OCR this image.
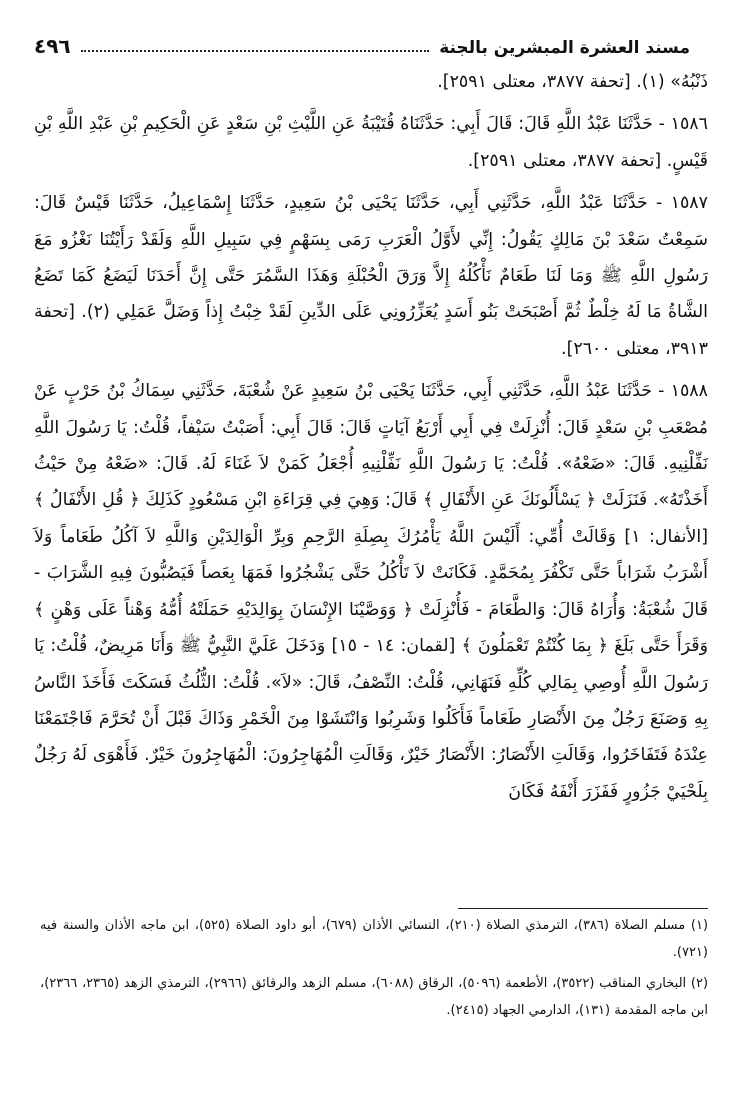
مسند العشرة المبشرين بالجنة
٤٩٦

ذَنْبُهُ» (١). [تحفة ٣٨٧٧، معتلى ٢٥٩١].

١٥٨٦ - حَدَّثَنَا عَبْدُ اللَّهِ قَالَ: قَالَ أَبِي: حَدَّثَنَاهُ قُتَيْبَةُ عَنِ اللَّيْثِ بْنِ سَعْدٍ عَنِ الْحَكِيمِ بْنِ عَبْدِ اللَّهِ بْنِ قَيْسٍ. [تحفة ٣٨٧٧، معتلى ٢٥٩١].

١٥٨٧ - حَدَّثَنَا عَبْدُ اللَّهِ، حَدَّثَنِي أَبِي، حَدَّثَنَا يَحْيَى بْنُ سَعِيدٍ، حَدَّثَنَا إِسْمَاعِيلُ، حَدَّثَنَا قَيْسٌ قَالَ: سَمِعْتُ سَعْدَ بْنَ مَالِكٍ يَقُولُ: إِنِّي لأَوَّلُ الْعَرَبِ رَمَى بِسَهْمٍ فِي سَبِيلِ اللَّهِ وَلَقَدْ رَأَيْتُنَا نَغْزُو مَعَ رَسُولِ اللَّهِ ﷺ وَمَا لَنَا طَعَامٌ نَأْكُلُهُ إِلاَّ وَرَقَ الْحُبْلَةِ وَهَذَا السَّمُرَ حَتَّى إِنَّ أَحَدَنَا لَيَضَعُ كَمَا تَضَعُ الشَّاةُ مَا لَهُ خِلْطٌ ثُمَّ أَصْبَحَتْ بَنُو أَسَدٍ يُعَزِّرُونِي عَلَى الدِّينِ لَقَدْ خِبْتُ إِذاً وَضَلَّ عَمَلِي (٢). [تحفة ٣٩١٣، معتلى ٢٦٠٠].

١٥٨٨ - حَدَّثَنَا عَبْدُ اللَّهِ، حَدَّثَنِي أَبِي، حَدَّثَنَا يَحْيَى بْنُ سَعِيدٍ عَنْ شُعْبَةَ، حَدَّثَنِي سِمَاكُ بْنُ حَرْبٍ عَنْ مُصْعَبِ بْنِ سَعْدٍ قَالَ: أُنْزِلَتْ فِي أَبِي أَرْبَعُ آيَاتٍ قَالَ: قَالَ أَبِي: أَصَبْتُ سَيْفاً، قُلْتُ: يَا رَسُولَ اللَّهِ نَفِّلْنِيهِ. قَالَ: «ضَعْهُ». قُلْتُ: يَا رَسُولَ اللَّهِ نَفِّلْنِيهِ أُجْعَلُ كَمَنْ لاَ غَنَاءَ لَهُ. قَالَ: «ضَعْهُ مِنْ حَيْثُ أَخَذْتَهُ». فَنَزَلَتْ ﴿ يَسْأَلُونَكَ عَنِ الأَنْفَالِ ﴾ قَالَ: وَهِيَ فِي قِرَاءَةِ ابْنِ مَسْعُودٍ كَذَلِكَ ﴿ قُلِ الأَنْفَالُ ﴾ [الأنفال: ١] وَقَالَتْ أُمِّي: أَلَيْسَ اللَّهُ يَأْمُرُكَ بِصِلَةِ الرَّحِمِ وَبِرِّ الْوَالِدَيْنِ وَاللَّهِ لاَ آكُلُ طَعَاماً وَلاَ أَشْرَبُ شَرَاباً حَتَّى تَكْفُرَ بِمُحَمَّدٍ. فَكَانَتْ لاَ تَأْكُلُ حَتَّى يَشْجُرُوا فَمَهَا بِعَصاً فَيَصُبُّونَ فِيهِ الشَّرَابَ - قَالَ شُعْبَةُ: وَأُرَاهُ قَالَ: وَالطَّعَامَ - فَأُنْزِلَتْ ﴿ وَوَصَّيْنَا الإِنْسَانَ بِوَالِدَيْهِ حَمَلَتْهُ أُمُّهُ وَهْناً عَلَى وَهْنٍ ﴾ وَقَرَأَ حَتَّى بَلَغَ ﴿ بِمَا كُنْتُمْ تَعْمَلُونَ ﴾ [لقمان: ١٤ - ١٥] وَدَخَلَ عَلَيَّ النَّبِيُّ ﷺ وَأَنَا مَرِيضٌ، قُلْتُ: يَا رَسُولَ اللَّهِ أُوصِي بِمَالِي كُلِّهِ فَنَهَانِي، قُلْتُ: النِّصْفُ، قَالَ: «لاَ». قُلْتُ: الثُّلُثُ فَسَكَتَ فَأَخَذَ النَّاسُ بِهِ وَصَنَعَ رَجُلٌ مِنَ الأَنْصَارِ طَعَاماً فَأَكَلُوا وَشَرِبُوا وَانْتَشَوْا مِنَ الْخَمْرِ وَذَاكَ قَبْلَ أَنْ تُحَرَّمَ فَاجْتَمَعْنَا عِنْدَهُ فَتَفَاخَرُوا، وَقَالَتِ الأَنْصَارُ: الأَنْصَارُ خَيْرٌ، وَقَالَتِ الْمُهَاجِرُونَ: الْمُهَاجِرُونَ خَيْرٌ. فَأَهْوَى لَهُ رَجُلٌ بِلَحْيَيْ جَزُورٍ فَفَزَرَ أَنْفَهُ فَكَانَ

(١) مسلم الصلاة (٣٨٦)، الترمذي الصلاة (٢١٠)، النسائي الأذان (٦٧٩)، أبو داود الصلاة (٥٢٥)، ابن ماجه الأذان والسنة فيه (٧٢١).

(٢) البخاري المناقب (٣٥٢٢)، الأطعمة (٥٠٩٦)، الرقاق (٦٠٨٨)، مسلم الزهد والرقائق (٢٩٦٦)، الترمذي الزهد (٢٣٦٥، ٢٣٦٦)، ابن ماجه المقدمة (١٣١)، الدارمي الجهاد (٢٤١٥).
